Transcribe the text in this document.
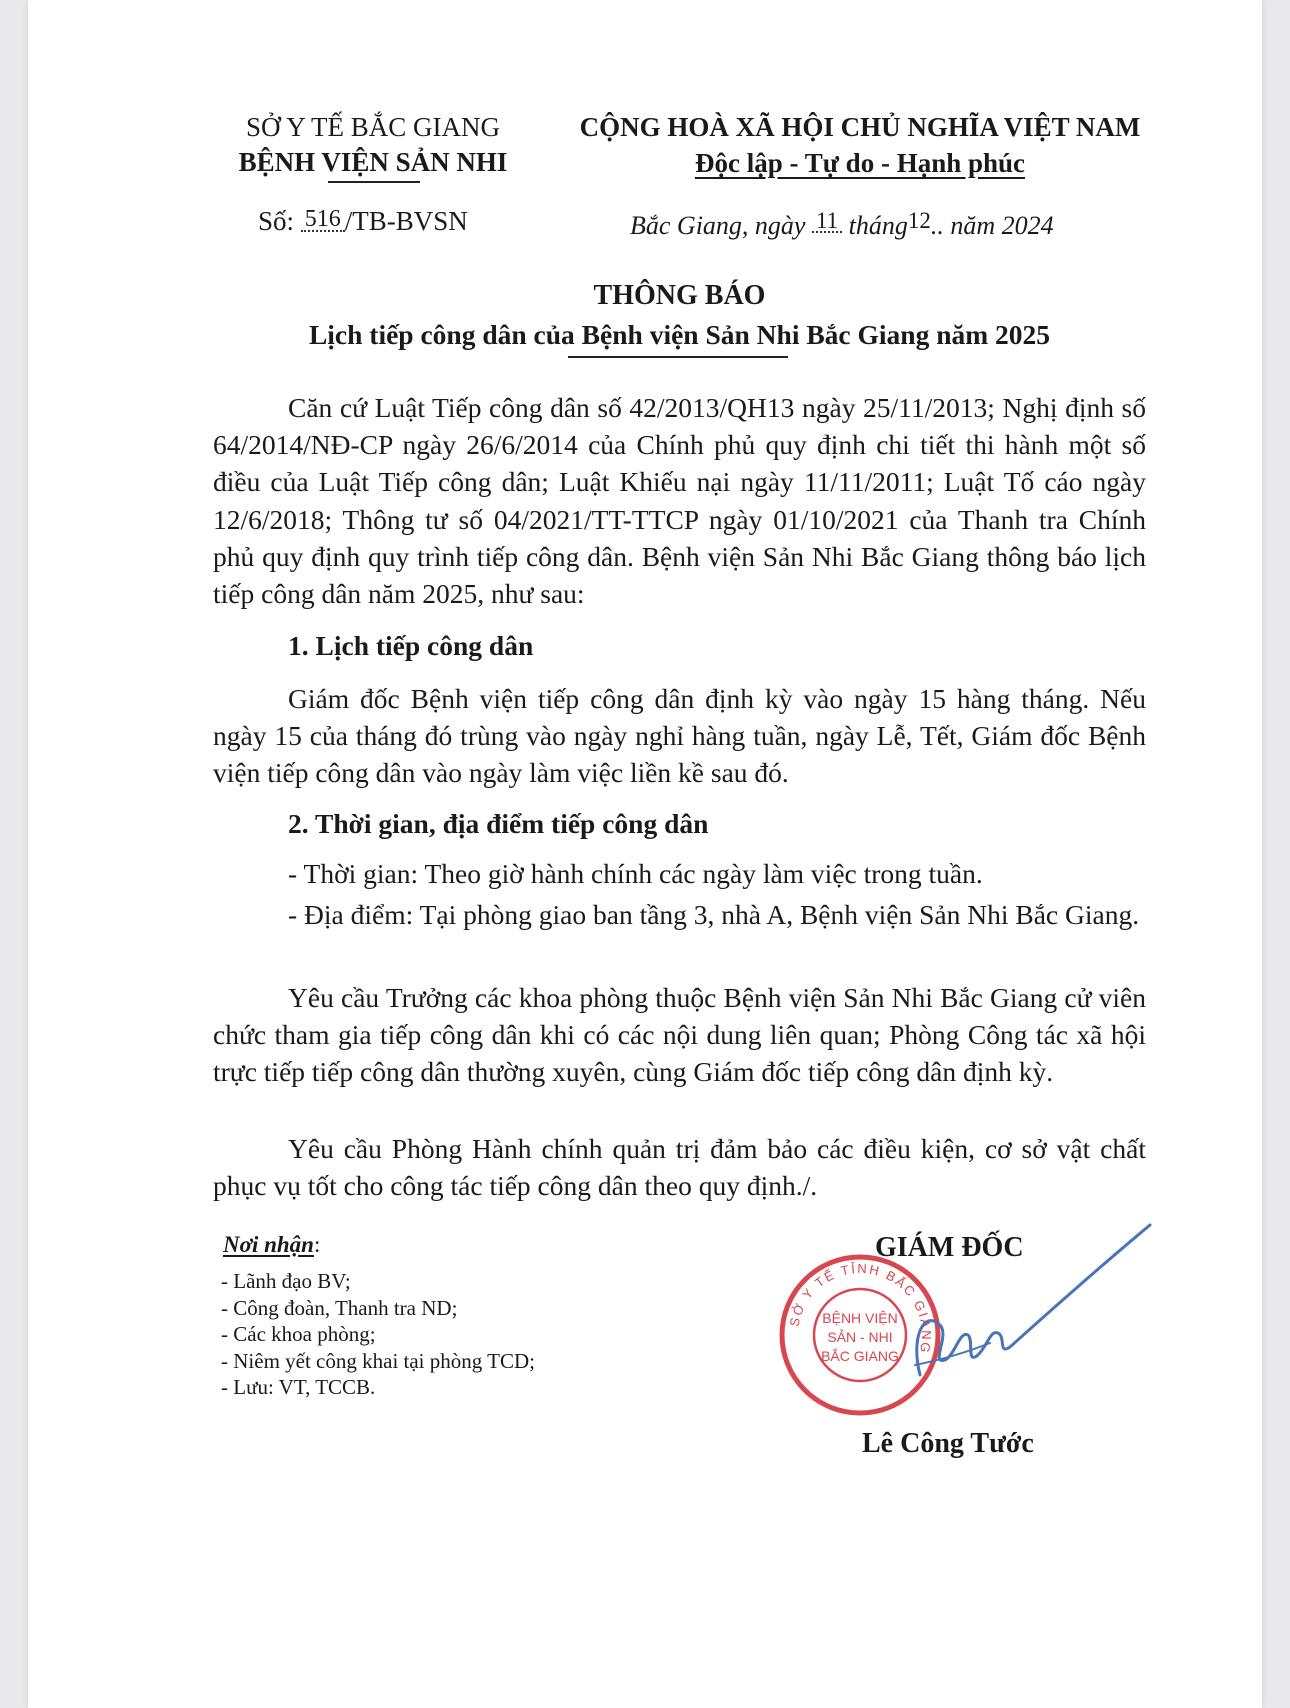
SỞ Y TẾ BẮC GIANG
BỆNH VIỆN SẢN NHI
CỘNG HOÀ XÃ HỘI CHỦ NGHĨA VIỆT NAM
Độc lập - Tự do - Hạnh phúc
Số: 516 /TB-BVSN	Bắc Giang, ngày 11 tháng12.. năm 2024
THÔNG BÁO
Lịch tiếp công dân của Bệnh viện Sản Nhi Bắc Giang năm 2025
Căn cứ Luật Tiếp công dân số 42/2013/QH13 ngày 25/11/2013; Nghị định số 64/2014/NĐ-CP ngày 26/6/2014 của Chính phủ quy định chi tiết thi hành một số điều của Luật Tiếp công dân; Luật Khiếu nại ngày 11/11/2011; Luật Tố cáo ngày 12/6/2018; Thông tư số 04/2021/TT-TTCP ngày 01/10/2021 của Thanh tra Chính phủ quy định quy trình tiếp công dân. Bệnh viện Sản Nhi Bắc Giang thông báo lịch tiếp công dân năm 2025, như sau:
1. Lịch tiếp công dân
Giám đốc Bệnh viện tiếp công dân định kỳ vào ngày 15 hàng tháng. Nếu ngày 15 của tháng đó trùng vào ngày nghỉ hàng tuần, ngày Lễ, Tết, Giám đốc Bệnh viện tiếp công dân vào ngày làm việc liền kề sau đó.
2. Thời gian, địa điểm tiếp công dân
- Thời gian: Theo giờ hành chính các ngày làm việc trong tuần.
- Địa điểm: Tại phòng giao ban tầng 3, nhà A, Bệnh viện Sản Nhi Bắc Giang.
Yêu cầu Trưởng các khoa phòng thuộc Bệnh viện Sản Nhi Bắc Giang cử viên chức tham gia tiếp công dân khi có các nội dung liên quan; Phòng Công tác xã hội trực tiếp tiếp công dân thường xuyên, cùng Giám đốc tiếp công dân định kỳ.
Yêu cầu Phòng Hành chính quản trị đảm bảo các điều kiện, cơ sở vật chất phục vụ tốt cho công tác tiếp công dân theo quy định./.
Nơi nhận:
- Lãnh đạo BV;
- Công đoàn, Thanh tra ND;
- Các khoa phòng;
- Niêm yết công khai tại phòng TCD;
- Lưu: VT, TCCB.
GIÁM ĐỐC
SỞ Y TẾ TỈNH BẮC GIANG
BỆNH VIỆN
SẢN - NHI
BẮC GIANG
Lê Công Tước
